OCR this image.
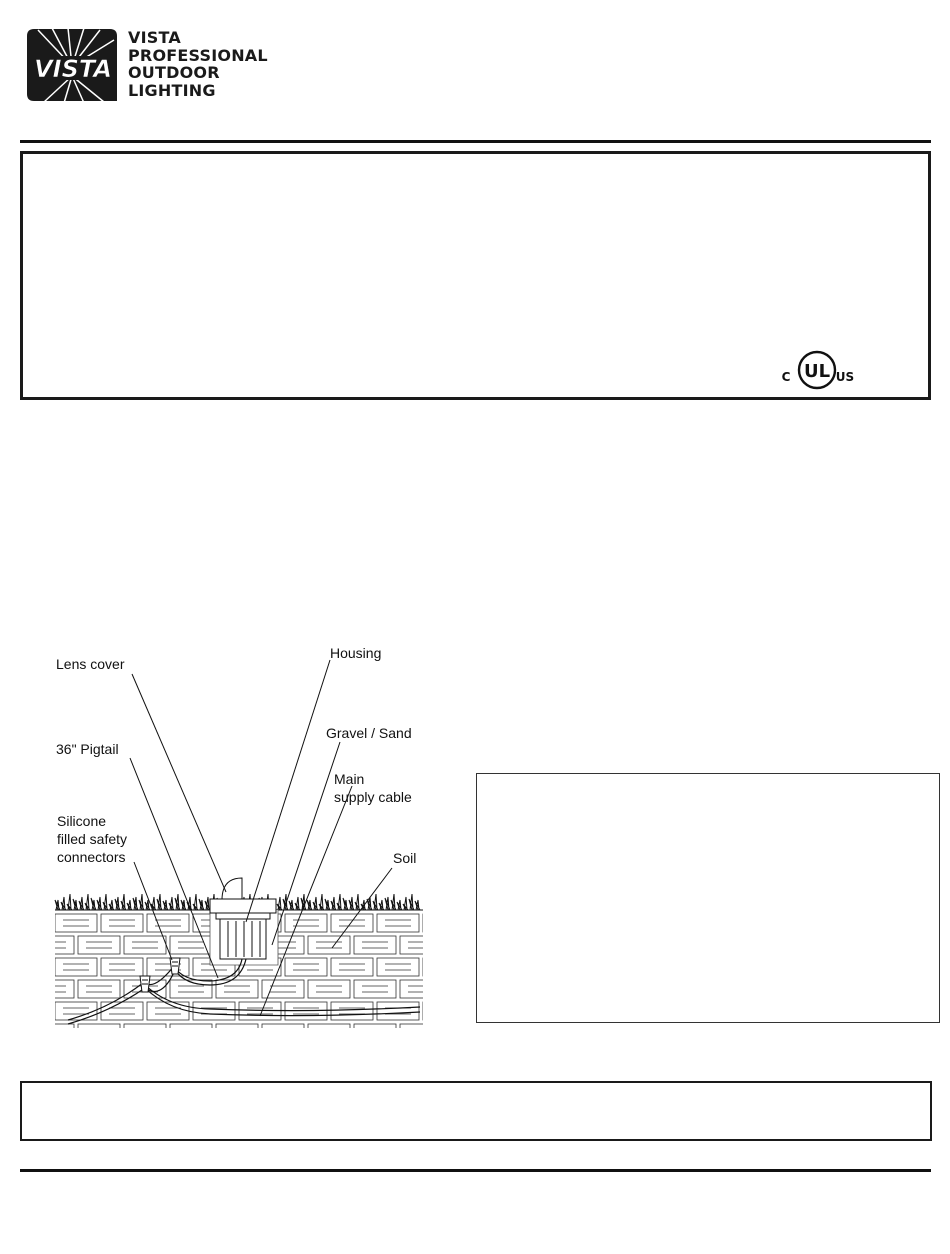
VISTA
VISTA
PROFESSIONAL
OUTDOOR
LIGHTING
C UL US
Lens cover
Housing
Gravel / Sand
36" Pigtail
Main
supply cable
Silicone
filled safety
connectors	Soil
